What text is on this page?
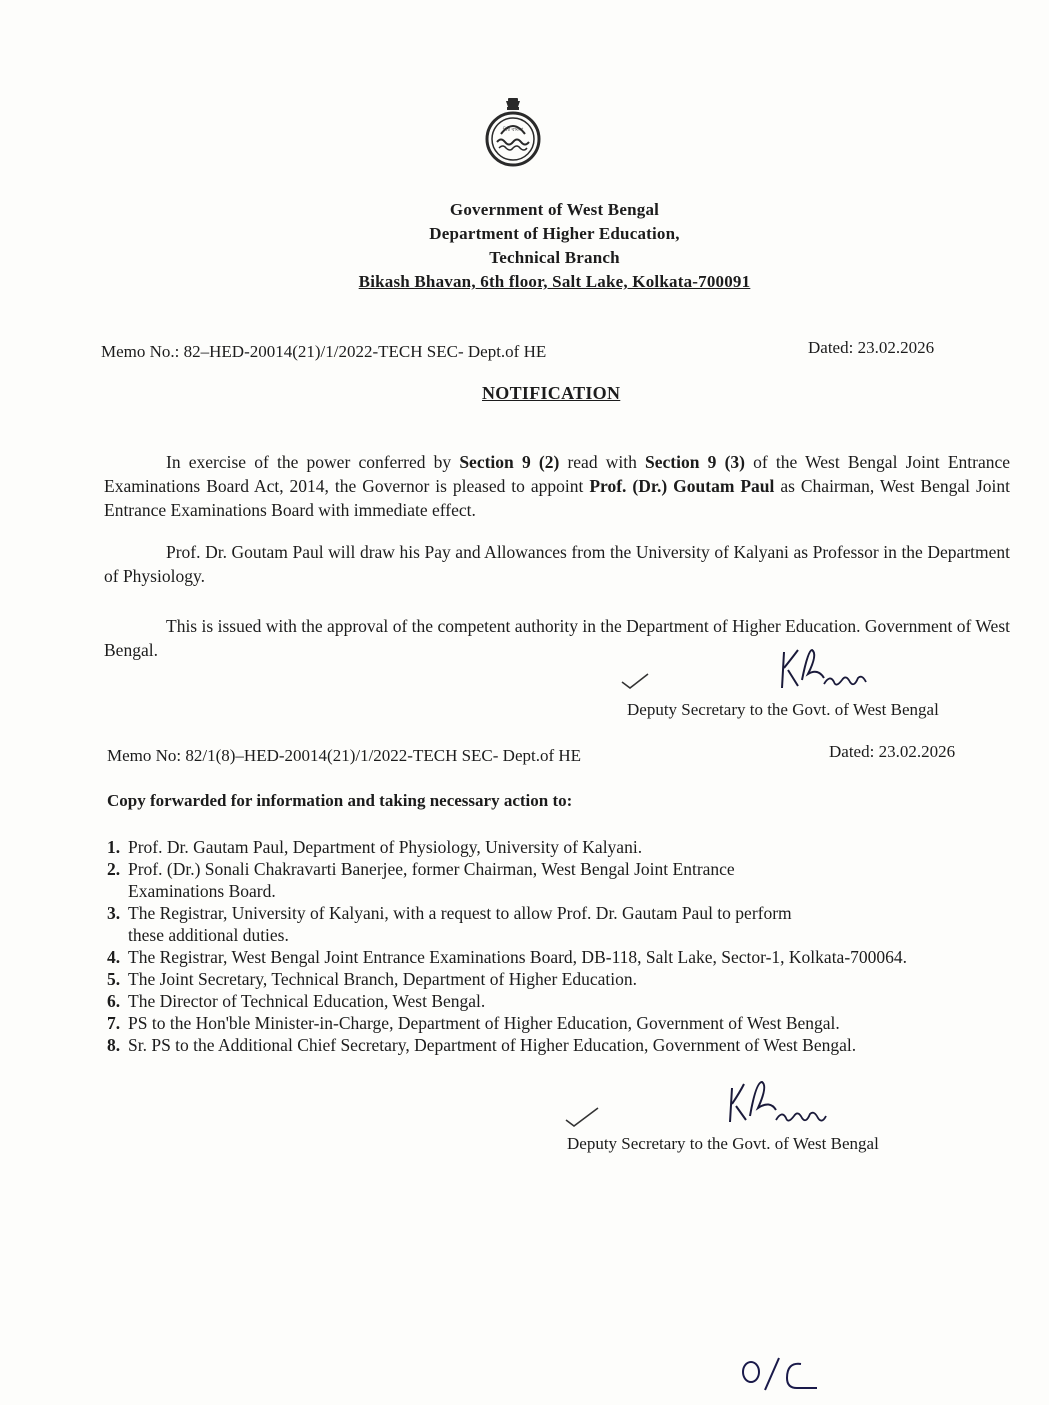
বিশ্ব বাংলা
Government of West Bengal
Department of Higher Education,
Technical Branch
Bikash Bhavan, 6th floor, Salt Lake, Kolkata-700091
Memo No.: 82–HED-20014(21)/1/2022-TECH SEC- Dept.of HE	Dated: 23.02.2026
NOTIFICATION
In exercise of the power conferred by Section 9 (2) read with Section 9 (3) of the West Bengal Joint Entrance Examinations Board Act, 2014, the Governor is pleased to appoint Prof. (Dr.) Goutam Paul as Chairman, West Bengal Joint Entrance Examinations Board with immediate effect.
Prof. Dr. Goutam Paul will draw his Pay and Allowances from the University of Kalyani as Professor in the Department of Physiology.
This is issued with the approval of the competent authority in the Department of Higher Education. Government of West Bengal.
Deputy Secretary to the Govt. of West Bengal
Memo No: 82/1(8)–HED-20014(21)/1/2022-TECH SEC- Dept.of HE	Dated: 23.02.2026
Copy forwarded for information and taking necessary action to:
1. Prof. Dr. Gautam Paul, Department of Physiology, University of Kalyani.
2. Prof. (Dr.) Sonali Chakravarti Banerjee, former Chairman, West Bengal Joint Entrance
Examinations Board.
3. The Registrar, University of Kalyani, with a request to allow Prof. Dr. Gautam Paul to perform
these additional duties.
4. The Registrar, West Bengal Joint Entrance Examinations Board, DB-118, Salt Lake, Sector-1, Kolkata-700064.
5. The Joint Secretary, Technical Branch, Department of Higher Education.
6. The Director of Technical Education, West Bengal.
7. PS to the Hon'ble Minister-in-Charge, Department of Higher Education, Government of West Bengal.
8. Sr. PS to the Additional Chief Secretary, Department of Higher Education, Government of West Bengal.
Deputy Secretary to the Govt. of West Bengal
